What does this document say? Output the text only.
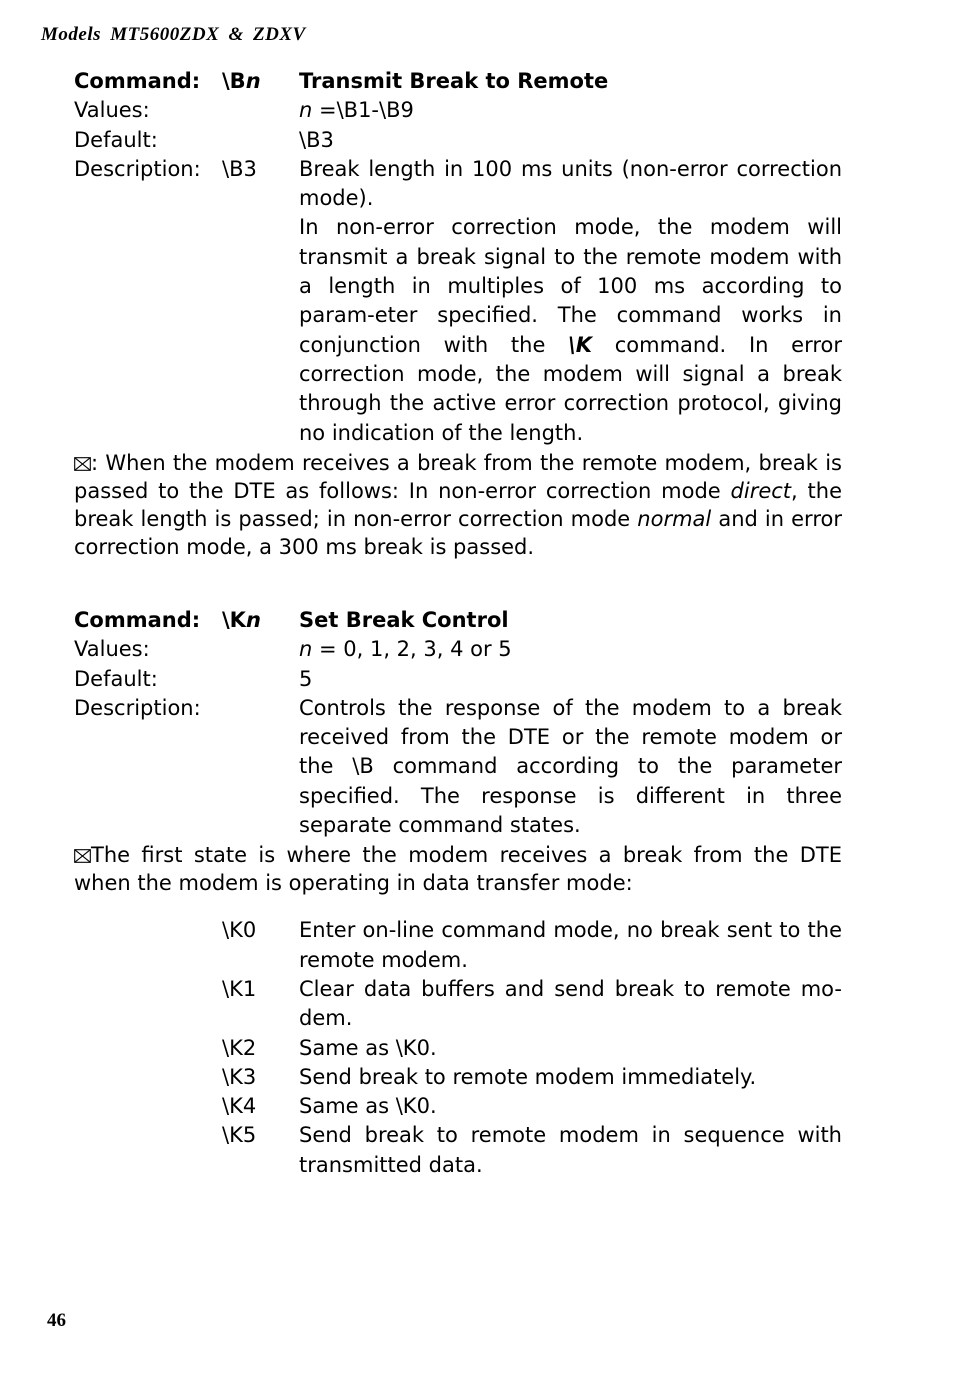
Models MT5600ZDX & ZDXV
Command: \Bn Transmit Break to Remote
Values:	n =\B1-\B9
Default:	\B3
Description: \B3 Break length in 100 ms units (non-error correction mode).
In non-error correction mode, the modem will transmit a break signal to the remote modem with a length in multiples of 100 ms according to param-eter specified. The command works in conjunction with the \K command. In error correction mode, the modem will signal a break through the active error correction protocol, giving no indication of the length.
: When the modem receives a break from the remote modem, break is passed to the DTE as follows: In non-error correction mode direct, the break length is passed; in non-error correction mode normal and in error correction mode, a 300 ms break is passed.
Command: \Kn Set Break Control
Values:	n = 0, 1, 2, 3, 4 or 5
Default:	5
Description:	Controls the response of the modem to a break received from the DTE or the remote modem or the \B command according to the parameter specified. The response is different in three separate command states.
The first state is where the modem receives a break from the DTE when the modem is operating in data transfer mode:
\K0 Enter on-line command mode, no break sent to the remote modem.
\K1 Clear data buffers and send break to remote mo-dem.
\K2 Same as \K0.
\K3 Send break to remote modem immediately.
\K4 Same as \K0.
\K5 Send break to remote modem in sequence with transmitted data.
46
